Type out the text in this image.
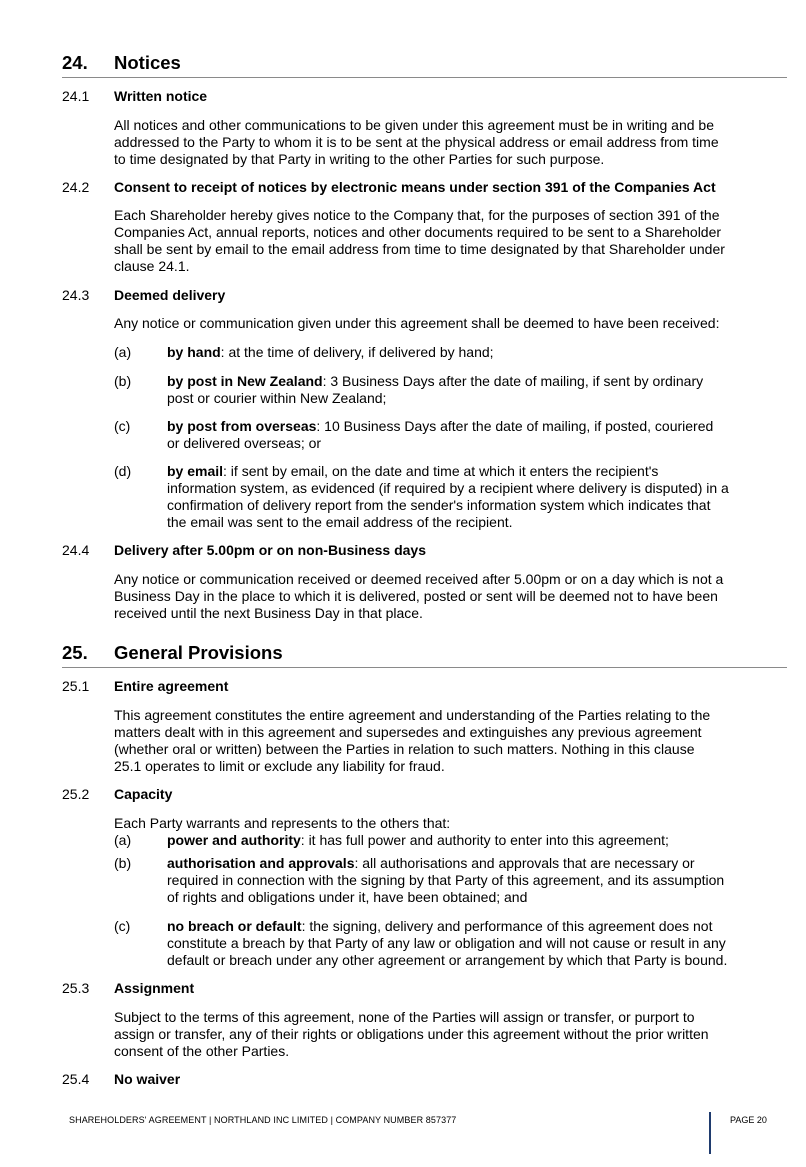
24. Notices
24.1 Written notice
All notices and other communications to be given under this agreement must be in writing and be
addressed to the Party to whom it is to be sent at the physical address or email address from time
to time designated by that Party in writing to the other Parties for such purpose.
24.2 Consent to receipt of notices by electronic means under section 391 of the Companies Act
Each Shareholder hereby gives notice to the Company that, for the purposes of section 391 of the
Companies Act, annual reports, notices and other documents required to be sent to a Shareholder
shall be sent by email to the email address from time to time designated by that Shareholder under
clause 24.1.
24.3 Deemed delivery
Any notice or communication given under this agreement shall be deemed to have been received:
(a)	by hand: at the time of delivery, if delivered by hand;
(b)	by post in New Zealand: 3 Business Days after the date of mailing, if sent by ordinary
post or courier within New Zealand;
(c)	by post from overseas: 10 Business Days after the date of mailing, if posted, couriered
or delivered overseas; or
(d)	by email: if sent by email, on the date and time at which it enters the recipient's
information system, as evidenced (if required by a recipient where delivery is disputed) in a
confirmation of delivery report from the sender's information system which indicates that
the email was sent to the email address of the recipient.
24.4 Delivery after 5.00pm or on non-Business days
Any notice or communication received or deemed received after 5.00pm or on a day which is not a
Business Day in the place to which it is delivered, posted or sent will be deemed not to have been
received until the next Business Day in that place.
25. General Provisions
25.1 Entire agreement
This agreement constitutes the entire agreement and understanding of the Parties relating to the
matters dealt with in this agreement and supersedes and extinguishes any previous agreement
(whether oral or written) between the Parties in relation to such matters. Nothing in this clause
25.1 operates to limit or exclude any liability for fraud.
25.2 Capacity
Each Party warrants and represents to the others that:
(a)	power and authority: it has full power and authority to enter into this agreement;
(b)	authorisation and approvals: all authorisations and approvals that are necessary or
required in connection with the signing by that Party of this agreement, and its assumption
of rights and obligations under it, have been obtained; and
(c)	no breach or default: the signing, delivery and performance of this agreement does not
constitute a breach by that Party of any law or obligation and will not cause or result in any
default or breach under any other agreement or arrangement by which that Party is bound.
25.3 Assignment
Subject to the terms of this agreement, none of the Parties will assign or transfer, or purport to
assign or transfer, any of their rights or obligations under this agreement without the prior written
consent of the other Parties.
25.4 No waiver
SHAREHOLDERS' AGREEMENT | NORTHLAND INC LIMITED | COMPANY NUMBER 857377	PAGE 20
